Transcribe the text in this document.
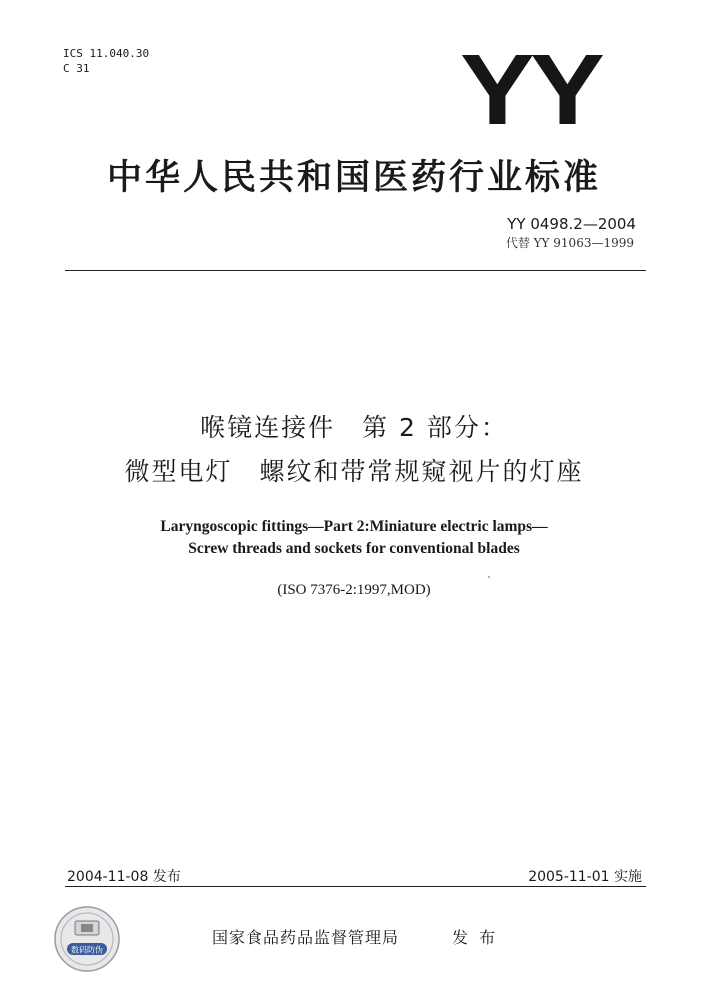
ICS 11.040.30
C 31	YY
中华人民共和国医药行业标准
YY 0498.2—2004
代替 YY 91063—1999
喉镜连接件　第 2 部分：
微型电灯　螺纹和带常规窥视片的灯座
Laryngoscopic fittings—Part 2:Miniature electric lamps—
Screw threads and sockets for conventional blades
(ISO 7376-2:1997,MOD)
2004-11-08 发布	2005-11-01 实施
数码防伪
国家食品药品监督管理局	发 布
